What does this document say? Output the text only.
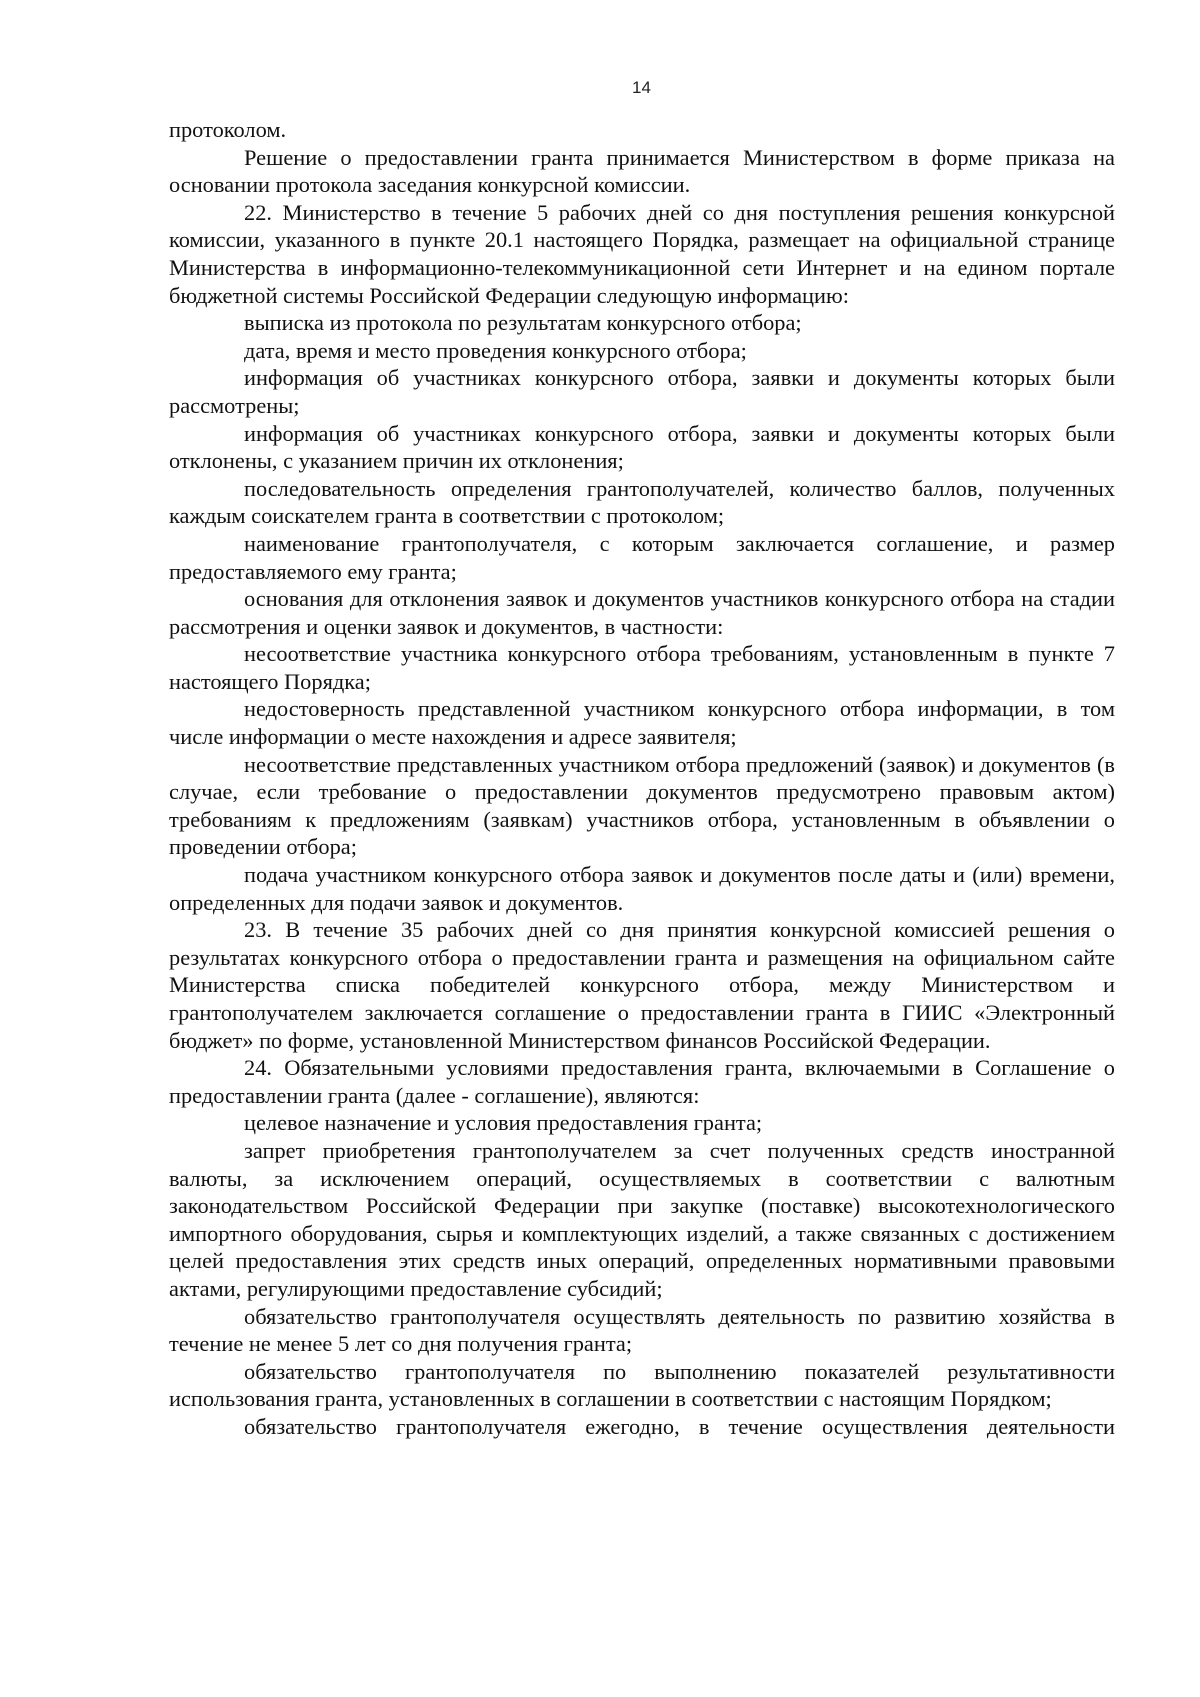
14

протоколом.

Решение о предоставлении гранта принимается Министерством в форме приказа на основании протокола заседания конкурсной комиссии.

22. Министерство в течение 5 рабочих дней со дня поступления решения конкурсной комиссии, указанного в пункте 20.1 настоящего Порядка, размещает на официальной странице Министерства в информационно-телекоммуникационной сети Интернет и на едином портале бюджетной системы Российской Федерации следующую информацию:

выписка из протокола по результатам конкурсного отбора;

дата, время и место проведения конкурсного отбора;

информация об участниках конкурсного отбора, заявки и документы которых были рассмотрены;

информация об участниках конкурсного отбора, заявки и документы которых были отклонены, с указанием причин их отклонения;

последовательность определения грантополучателей, количество баллов, полученных каждым соискателем гранта в соответствии с протоколом;

наименование грантополучателя, с которым заключается соглашение, и размер предоставляемого ему гранта;

основания для отклонения заявок и документов участников конкурсного отбора на стадии рассмотрения и оценки заявок и документов, в частности:

несоответствие участника конкурсного отбора требованиям, установленным в пункте 7 настоящего Порядка;

недостоверность представленной участником конкурсного отбора информации, в том числе информации о месте нахождения и адресе заявителя;

несоответствие представленных участником отбора предложений (заявок) и документов (в случае, если требование о предоставлении документов предусмотрено правовым актом) требованиям к предложениям (заявкам) участников отбора, установленным в объявлении о проведении отбора;

подача участником конкурсного отбора заявок и документов после даты и (или) времени, определенных для подачи заявок и документов.

23. В течение 35 рабочих дней со дня принятия конкурсной комиссией решения о результатах конкурсного отбора о предоставлении гранта и размещения на официальном сайте Министерства списка победителей конкурсного отбора, между Министерством и грантополучателем заключается соглашение о предоставлении гранта в ГИИС «Электронный бюджет» по форме, установленной Министерством финансов Российской Федерации.

24. Обязательными условиями предоставления гранта, включаемыми в Соглашение о предоставлении гранта (далее - соглашение), являются:

целевое назначение и условия предоставления гранта;

запрет приобретения грантополучателем за счет полученных средств иностранной валюты, за исключением операций, осуществляемых в соответствии с валютным законодательством Российской Федерации при закупке (поставке) высокотехнологического импортного оборудования, сырья и комплектующих изделий, а также связанных с достижением целей предоставления этих средств иных операций, определенных нормативными правовыми актами, регулирующими предоставление субсидий;

обязательство грантополучателя осуществлять деятельность по развитию хозяйства в течение не менее 5 лет со дня получения гранта;

обязательство грантополучателя по выполнению показателей результативности использования гранта, установленных в соглашении в соответствии с настоящим Порядком;

обязательство грантополучателя ежегодно, в течение осуществления деятельности
